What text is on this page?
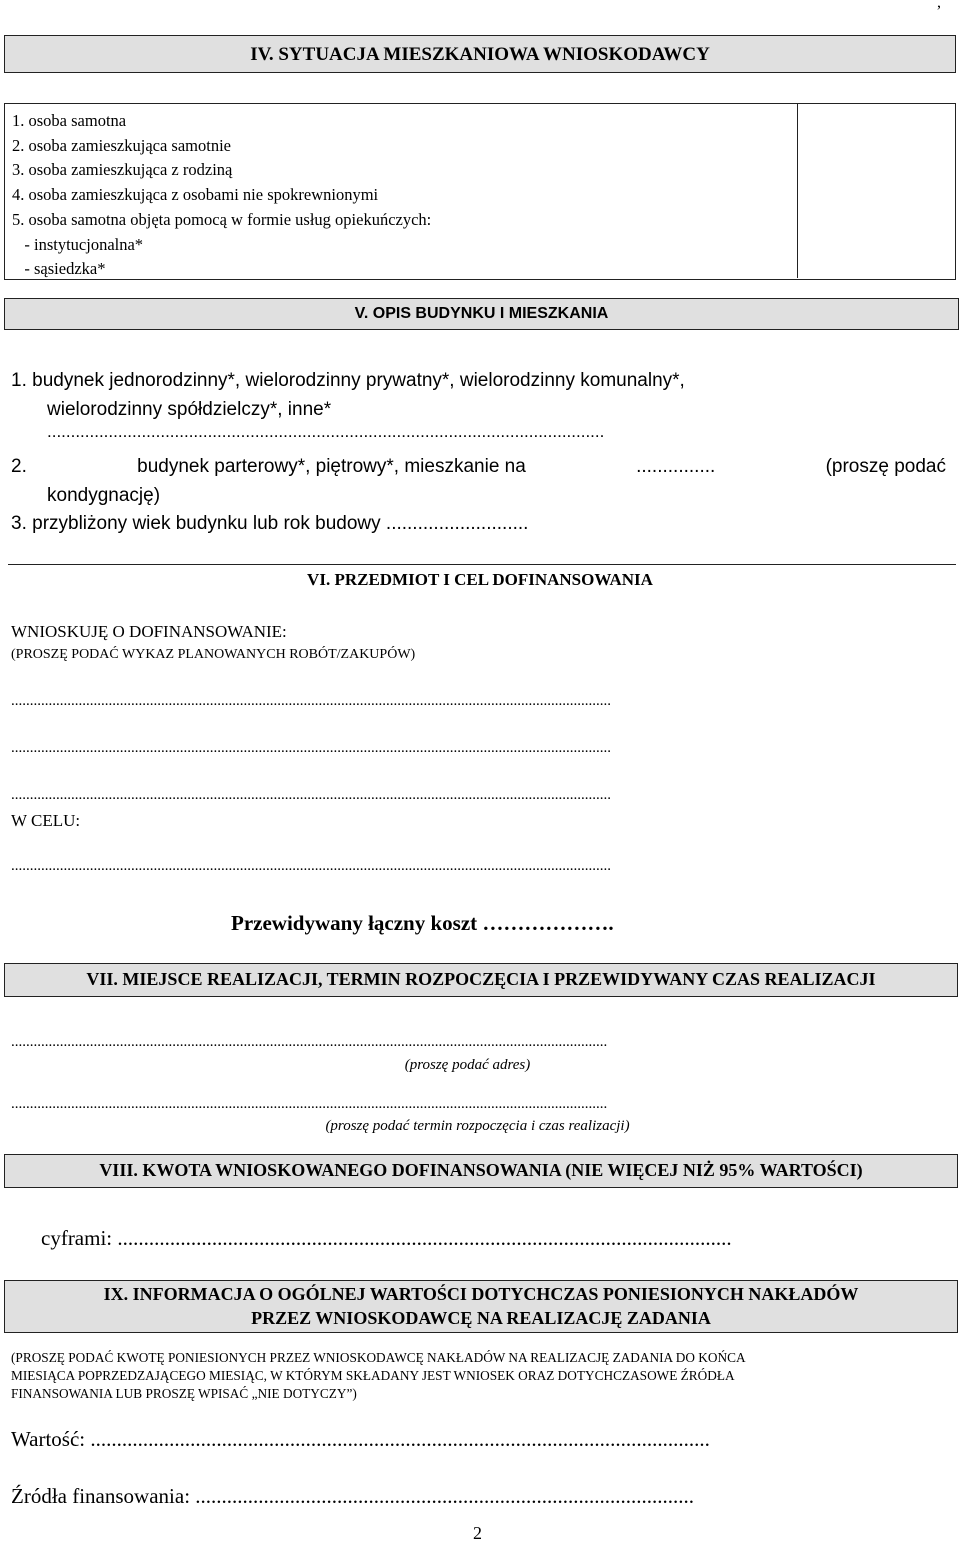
,
IV. SYTUACJA MIESZKANIOWA WNIOSKODAWCY
1. osoba samotna
2. osoba zamieszkująca samotnie
3. osoba zamieszkująca z rodziną
4. osoba zamieszkująca z osobami nie spokrewnionymi
5. osoba samotna objęta pomocą w formie usług opiekuńczych:
- instytucjonalna*
- sąsiedzka*
V. OPIS BUDYNKU I MIESZKANIA
1. budynek jednorodzinny*, wielorodzinny prywatny*, wielorodzinny komunalny*,
wielorodzinny spółdzielczy*, inne*
......................................................................................................................
2.	budynek parterowy*, piętrowy*, mieszkanie na	...............	(proszę podać
kondygnację)
3. przybliżony wiek budynku lub rok budowy ...........................
VI. PRZEDMIOT I CEL DOFINANSOWANIA
WNIOSKUJĘ O DOFINANSOWANIE:
(PROSZĘ PODAĆ WYKAZ PLANOWANYCH ROBÓT/ZAKUPÓW)
................................................................................................................................................................
................................................................................................................................................................
................................................................................................................................................................
W CELU:
................................................................................................................................................................
Przewidywany łączny koszt ……………….
VII. MIEJSCE REALIZACJI, TERMIN ROZPOCZĘCIA I PRZEWIDYWANY CZAS REALIZACJI
...............................................................................................................................................................
(proszę podać adres)
...............................................................................................................................................................
(proszę podać termin rozpoczęcia i czas realizacji)
VIII. KWOTA WNIOSKOWANEGO DOFINANSOWANIA (NIE WIĘCEJ NIŻ 95% WARTOŚCI)
cyframi: .....................................................................................................................
IX. INFORMACJA O OGÓLNEJ WARTOŚCI DOTYCHCZAS PONIESIONYCH NAKŁADÓW
PRZEZ WNIOSKODAWCĘ NA REALIZACJĘ ZADANIA
(PROSZĘ PODAĆ KWOTĘ PONIESIONYCH PRZEZ WNIOSKODAWCĘ NAKŁADÓW NA REALIZACJĘ ZADANIA DO KOŃCA
MIESIĄCA POPRZEDZAJĄCEGO MIESIĄC, W KTÓRYM SKŁADANY JEST WNIOSEK ORAZ DOTYCHCZASOWE ŹRÓDŁA
FINANSOWANIA LUB PROSZĘ WPISAĆ „NIE DOTYCZY”)
Wartość: ......................................................................................................................
Źródła finansowania: ...............................................................................................
2
